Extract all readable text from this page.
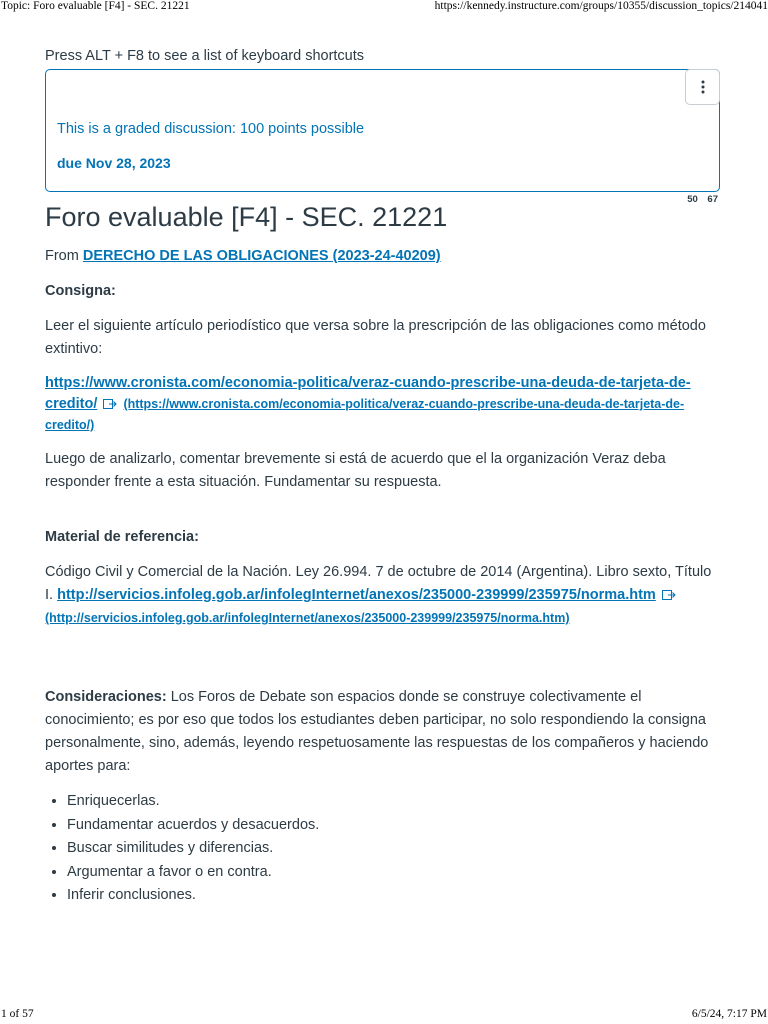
Topic: Foro evaluable [F4] - SEC. 21221	https://kennedy.instructure.com/groups/10355/discussion_topics/214041
Press ALT + F8 to see a list of keyboard shortcuts
This is a graded discussion: 100 points possible
due Nov 28, 2023
50 67
Foro evaluable [F4] - SEC. 21221

From DERECHO DE LAS OBLIGACIONES (2023-24-40209)

Consigna:

Leer el siguiente artículo periodístico que versa sobre la prescripción de las obligaciones como método extintivo:

https://www.cronista.com/economia-politica/veraz-cuando-prescribe-una-deuda-de-tarjeta-de-credito/ (https://www.cronista.com/economia-politica/veraz-cuando-prescribe-una-deuda-de-tarjeta-de-credito/)

Luego de analizarlo, comentar brevemente si está de acuerdo que el la organización Veraz deba responder frente a esta situación. Fundamentar su respuesta.

Material de referencia:

Código Civil y Comercial de la Nación. Ley 26.994. 7 de octubre de 2014 (Argentina). Libro sexto, Título I. http://servicios.infoleg.gob.ar/infolegInternet/anexos/235000-239999/235975/norma.htm  (http://servicios.infoleg.gob.ar/infolegInternet/anexos/235000-239999/235975/norma.htm)

Consideraciones: Los Foros de Debate son espacios donde se construye colectivamente el conocimiento; es por eso que todos los estudiantes deben participar, no solo respondiendo la consigna personalmente, sino, además, leyendo respetuosamente las respuestas de los compañeros y haciendo aportes para:

• Enriquecerlas.
• Fundamentar acuerdos y desacuerdos.
• Buscar similitudes y diferencias.
• Argumentar a favor o en contra.
• Inferir conclusiones.
1 of 57	6/5/24, 7:17 PM
